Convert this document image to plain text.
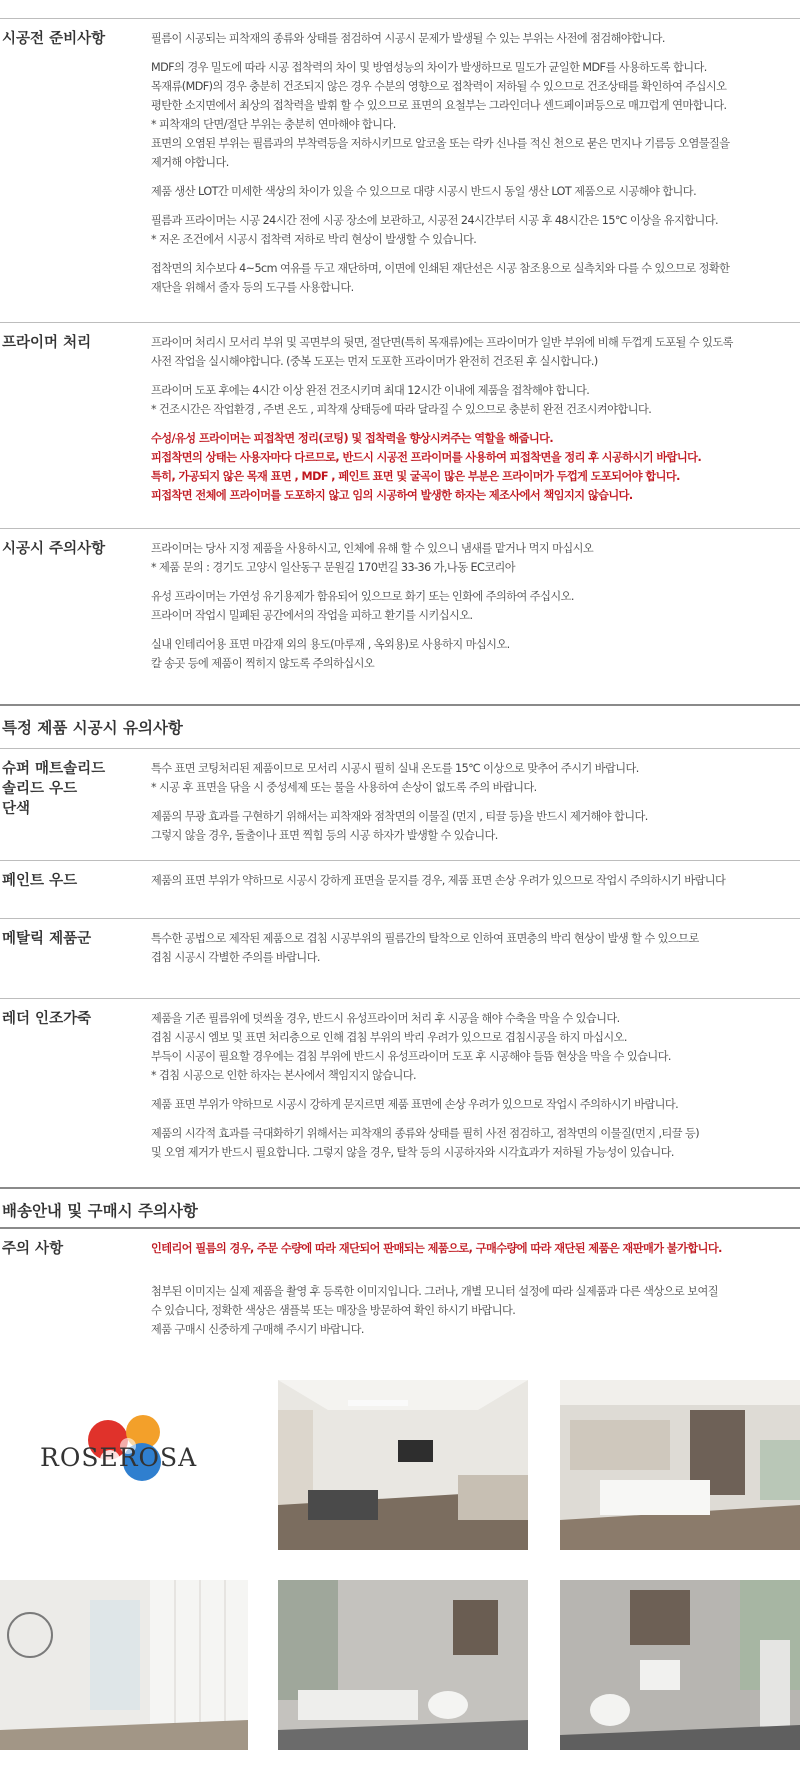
시공전 준비사항	필름이 시공되는 피착재의 종류와 상태를 점검하여 시공시 문제가 발생될 수 있는 부위는 사전에 점검해야합니다.

MDF의 경우 밀도에 따라 시공 접착력의 차이 및 방염성능의 차이가 발생하므로 밀도가 균일한 MDF를 사용하도록 합니다.
목재류(MDF)의 경우 충분히 건조되지 않은 경우 수분의 영향으로 접착력이 저하될 수 있으므로 건조상태를 확인하여 주십시오
평탄한 소지면에서 최상의 접착력을 발휘 할 수 있으므로 표면의 요철부는 그라인더나 센드페이퍼등으로 매끄럽게 연마합니다.
* 피착재의 단면/절단 부위는 충분히 연마해야 합니다.
표면의 오염된 부위는 필름과의 부착력등을 저하시키므로 알코올 또는 락카 신나를 적신 천으로 묻은 먼지나 기름등 오염물질을
제거해 야합니다.

제품 생산 LOT간 미세한 색상의 차이가 있을 수 있으므로 대량 시공시 반드시 동일 생산 LOT 제품으로 시공해야 합니다.

필름과 프라이머는 시공 24시간 전에 시공 장소에 보관하고, 시공전 24시간부터 시공 후 48시간은 15℃ 이상을 유지합니다.
* 저온 조건에서 시공시 접착력 저하로 박리 현상이 발생할 수 있습니다.

접착면의 치수보다 4~5cm 여유를 두고 재단하며, 이면에 인쇄된 재단선은 시공 참조용으로 실측치와 다를 수 있으므로 정확한
재단을 위해서 줄자 등의 도구를 사용합니다.

프라이머 처리	프라이머 처리시 모서리 부위 및 곡면부의 뒷면, 절단면(특히 목재류)에는 프라이머가 일반 부위에 비해 두껍게 도포될 수 있도록
사전 작업을 실시해야합니다. (중복 도포는 먼저 도포한 프라이머가 완전히 건조된 후 실시합니다.)

프라이머 도포 후에는 4시간 이상 완전 건조시키며 최대 12시간 이내에 제품을 접착해야 합니다.
* 건조시간은 작업환경 , 주변 온도 , 피착재 상태등에 따라 달라질 수 있으므로 충분히 완전 건조시켜야합니다.

수성/유성 프라이머는 피접착면 정리(코팅) 및 접착력을 향상시켜주는 역할을 해줍니다.
피접착면의 상태는 사용자마다 다르므로, 반드시 시공전 프라이머를 사용하여 피접착면을 정리 후 시공하시기 바랍니다.
특히, 가공되지 않은 목재 표면 , MDF , 페인트 표면 및 굴곡이 많은 부분은 프라이머가 두껍게 도포되어야 합니다.
피접착면 전체에 프라이머를 도포하지 않고 임의 시공하여 발생한 하자는 제조사에서 책임지지 않습니다.

시공시 주의사항	프라이머는 당사 지정 제품을 사용하시고, 인체에 유해 할 수 있으니 냄새를 맡거나 먹지 마십시오
* 제품 문의 : 경기도 고양시 일산동구 문원길 170번길 33-36 가,나동 EC코리아

유성 프라이머는 가연성 유기용제가 함유되어 있으므로 화기 또는 인화에 주의하여 주십시오.
프라이머 작업시 밀폐된 공간에서의 작업을 피하고 환기를 시키십시오.

실내 인테리어용 표면 마감재 외의 용도(마루재 , 옥외용)로 사용하지 마십시오.
칼 송곳 등에 제품이 찍히지 않도록 주의하십시오

특정 제품 시공시 유의사항
슈퍼 매트솔리드
솔리드 우드
단색

특수 표면 코팅처리된 제품이므로 모서리 시공시 필히 실내 온도를 15℃ 이상으로 맞추어 주시기 바랍니다.
* 시공 후 표면을 닦을 시 중성세제 또는 물을 사용하여 손상이 없도록 주의 바랍니다.

제품의 무광 효과를 구현하기 위해서는 피착재와 점착면의 이물질 (먼지 , 티끌 등)을 반드시 제거해야 합니다.
그렇지 않을 경우, 돌출이나 표면 찍힘 등의 시공 하자가 발생할 수 있습니다.

페인트 우드	제품의 표면 부위가 약하므로 시공시 강하게 표면을 문지를 경우, 제품 표면 손상 우려가 있으므로 작업시 주의하시기 바랍니다

메탈릭 제품군	특수한 공법으로 제작된 제품으로 겹침 시공부위의 필름간의 탈착으로 인하여 표면층의 박리 현상이 발생 할 수 있으므로
겹침 시공시 각별한 주의를 바랍니다.

레더 인조가죽	제품을 기존 필름위에 덧씌울 경우, 반드시 유성프라이머 처리 후 시공을 해야 수축을 막을 수 있습니다.
겹침 시공시 엠보 및 표면 처리층으로 인해 겹침 부위의 박리 우려가 있으므로 겹침시공을 하지 마십시오.
부득이 시공이 필요할 경우에는 겹침 부위에 반드시 유성프라이머 도포 후 시공해야 들뜸 현상을 막을 수 있습니다.
* 겹침 시공으로 인한 하자는 본사에서 책임지지 않습니다.

제품 표면 부위가 약하므로 시공시 강하게 문지르면 제품 표면에 손상 우려가 있으므로 작업시 주의하시기 바랍니다.

제품의 시각적 효과를 극대화하기 위해서는 피착재의 종류와 상태를 필히 사전 점검하고, 점착면의 이물질(먼지 ,티끌 등)
및 오염 제거가 반드시 필요합니다. 그렇지 않을 경우, 탈착 등의 시공하자와 시각효과가 저하될 가능성이 있습니다.

배송안내 및 구매시 주의사항
주의 사항	인테리어 필름의 경우, 주문 수량에 따라 재단되어 판매되는 제품으로, 구매수량에 따라 재단된 제품은 재판매가 불가합니다.

첨부된 이미지는 실제 제품을 촬영 후 등록한 이미지입니다. 그러나, 개별 모니터 설정에 따라 실제품과 다른 색상으로 보여질
수 있습니다, 정확한 색상은 샘플북 또는 매장을 방문하여 확인 하시기 바랍니다.
제품 구매시 신중하게 구매해 주시기 바랍니다.

ROSEROSA
